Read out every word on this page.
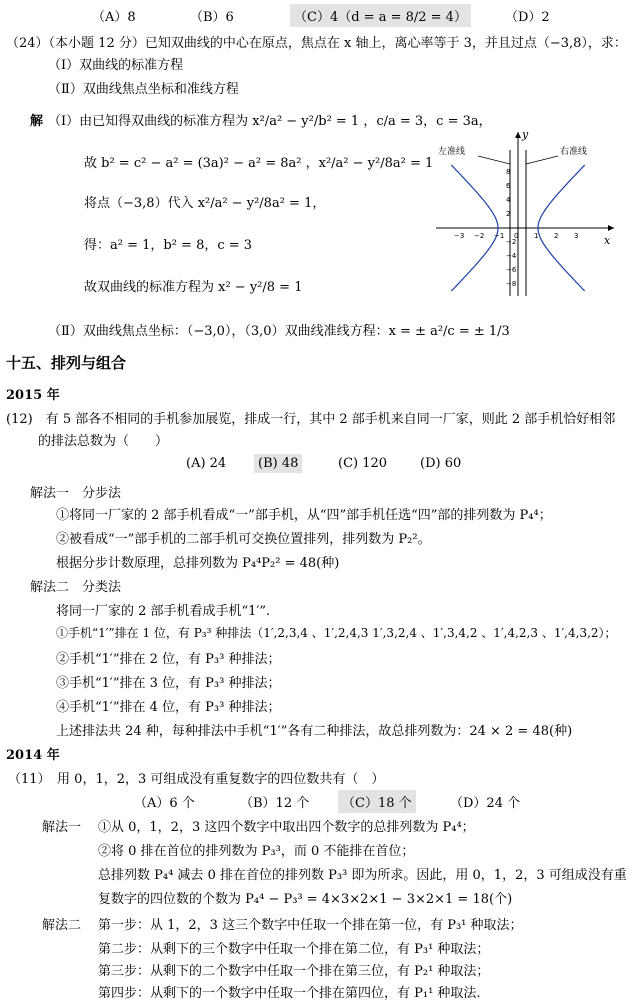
（A）8	（B）6	（C）4（d = a = 8/2 = 4）	（D）2
（24）（本小题 12 分）已知双曲线的中心在原点，焦点在 x 轴上，离心率等于 3，并且过点（−3,8），求：
（Ⅰ）双曲线的标准方程
（Ⅱ）双曲线焦点坐标和准线方程
解 （Ⅰ）由已知得双曲线的标准方程为 x²/a² − y²/b² = 1 ，c/a = 3，c = 3a，
故 b² = c² − a² = (3a)² − a² = 8a² ，x²/a² − y²/8a² = 1
将点（−3,8）代入 x²/a² − y²/8a² = 1，
得：a² = 1，b² = 8，c = 3
故双曲线的标准方程为 x² − y²/8 = 1
（Ⅱ）双曲线焦点坐标：（−3,0），（3,0）双曲线准线方程：x = ± a²/c = ± 1/3
左准线	右准线
x
y
−3 −2 −1 0 1 2 3
8
6
4
2
−2
−4
−6
−8
十五、排列与组合
2015 年
(12)　有 5 部各不相同的手机参加展览，排成一行，其中 2 部手机来自同一厂家，则此 2 部手机恰好相邻
的排法总数为（　　）
(A) 24	(B) 48	(C) 120	(D) 60
解法一　分步法
①将同一厂家的 2 部手机看成“一”部手机，从“四”部手机任选“四”部的排列数为 P₄⁴；
②被看成“一”部手机的二部手机可交换位置排列，排列数为 P₂²。
根据分步计数原理，总排列数为 P₄⁴P₂² = 48(种)
解法二　分类法
将同一厂家的 2 部手机看成手机“1′”.
①手机“1′”排在 1 位，有 P₃³ 种排法（1′,2,3,4 、1′,2,4,3 1′,3,2,4 、1′,3,4,2 、1′,4,2,3 、1′,4,3,2）；
②手机“1′”排在 2 位，有 P₃³ 种排法；
③手机“1′”排在 3 位，有 P₃³ 种排法；
④手机“1′”排在 4 位，有 P₃³ 种排法；
上述排法共 24 种，每种排法中手机“1′”各有二种排法，故总排列数为：24 × 2 = 48(种)
2014 年
（11）　用 0，1，2，3 可组成没有重复数字的四位数共有（　）
（A）6 个	（B）12 个	（C）18 个	（D）24 个
解法一 ①从 0，1，2，3 这四个数字中取出四个数字的总排列数为 P₄⁴；
②将 0 排在首位的排列数为 P₃³，而 0 不能排在首位；
总排列数 P₄⁴ 减去 0 排在首位的排列数 P₃³ 即为所求。因此，用 0，1，2，3 可组成没有重
复数字的四位数的个数为 P₄⁴ − P₃³ = 4×3×2×1 − 3×2×1 = 18(个)
解法二 第一步：从 1，2，3 这三个数字中任取一个排在第一位，有 P₃¹ 种取法；
第二步：从剩下的三个数字中任取一个排在第二位，有 P₃¹ 种取法；
第三步：从剩下的二个数字中任取一个排在第三位，有 P₂¹ 种取法；
第四步：从剩下的一个数字中任取一个排在第四位，有 P₁¹ 种取法.
